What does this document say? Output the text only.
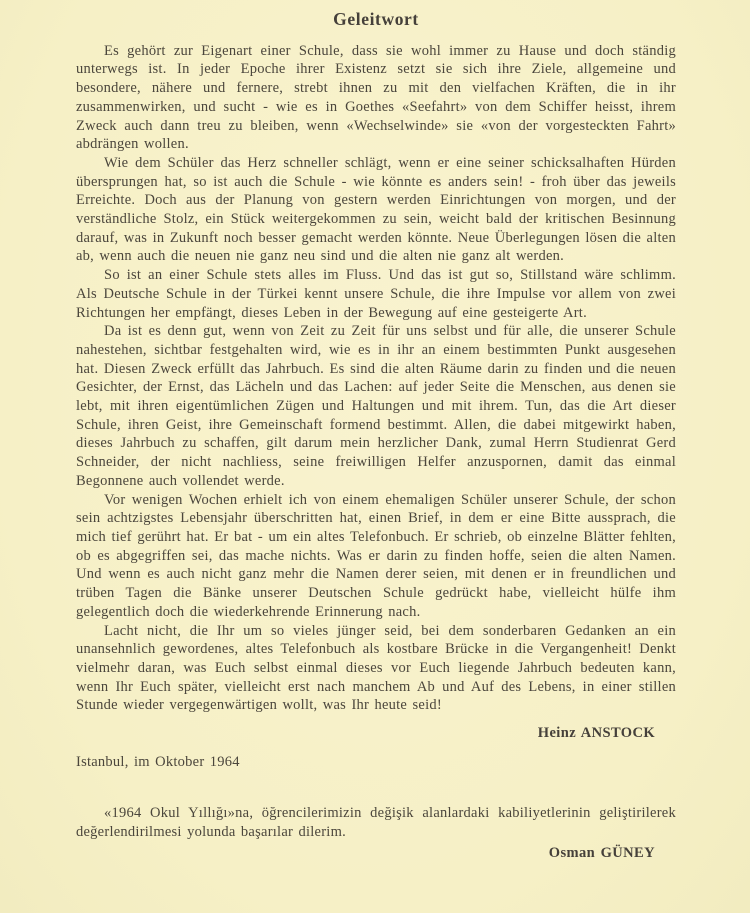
Geleitwort

Es gehört zur Eigenart einer Schule, dass sie wohl immer zu Hause und doch ständig unterwegs ist. In jeder Epoche ihrer Existenz setzt sie sich ihre Ziele, allgemeine und besondere, nähere und fernere, strebt ihnen zu mit den vielfachen Kräften, die in ihr zusammenwirken, und sucht - wie es in Goethes «Seefahrt» von dem Schiffer heisst, ihrem Zweck auch dann treu zu bleiben, wenn «Wechselwinde» sie «von der vorgesteckten Fahrt» abdrängen wollen.

Wie dem Schüler das Herz schneller schlägt, wenn er eine seiner schicksalhaften Hürden übersprungen hat, so ist auch die Schule - wie könnte es anders sein! - froh über das jeweils Erreichte. Doch aus der Planung von gestern werden Einrichtungen von morgen, und der verständliche Stolz, ein Stück weitergekommen zu sein, weicht bald der kritischen Besinnung darauf, was in Zukunft noch besser gemacht werden könnte. Neue Überlegungen lösen die alten ab, wenn auch die neuen nie ganz neu sind und die alten nie ganz alt werden.

So ist an einer Schule stets alles im Fluss. Und das ist gut so, Stillstand wäre schlimm. Als Deutsche Schule in der Türkei kennt unsere Schule, die ihre Impulse vor allem von zwei Richtungen her empfängt, dieses Leben in der Bewegung auf eine gesteigerte Art.

Da ist es denn gut, wenn von Zeit zu Zeit für uns selbst und für alle, die unserer Schule nahestehen, sichtbar festgehalten wird, wie es in ihr an einem bestimmten Punkt ausgesehen hat. Diesen Zweck erfüllt das Jahrbuch. Es sind die alten Räume darin zu finden und die neuen Gesichter, der Ernst, das Lächeln und das Lachen: auf jeder Seite die Menschen, aus denen sie lebt, mit ihren eigentümlichen Zügen und Haltungen und mit ihrem. Tun, das die Art dieser Schule, ihren Geist, ihre Gemeinschaft formend bestimmt. Allen, die dabei mitgewirkt haben, dieses Jahrbuch zu schaffen, gilt darum mein herzlicher Dank, zumal Herrn Studienrat Gerd Schneider, der nicht nachliess, seine freiwilligen Helfer anzuspornen, damit das einmal Begonnene auch vollendet werde.

Vor wenigen Wochen erhielt ich von einem ehemaligen Schüler unserer Schule, der schon sein achtzigstes Lebensjahr überschritten hat, einen Brief, in dem er eine Bitte aussprach, die mich tief gerührt hat. Er bat - um ein altes Telefonbuch. Er schrieb, ob einzelne Blätter fehlten, ob es abgegriffen sei, das mache nichts. Was er darin zu finden hoffe, seien die alten Namen. Und wenn es auch nicht ganz mehr die Namen derer seien, mit denen er in freundlichen und trüben Tagen die Bänke unserer Deutschen Schule gedrückt habe, vielleicht hülfe ihm gelegentlich doch die wiederkehrende Erinnerung nach.

Lacht nicht, die Ihr um so vieles jünger seid, bei dem sonderbaren Gedanken an ein unansehnlich gewordenes, altes Telefonbuch als kostbare Brücke in die Vergangenheit! Denkt vielmehr daran, was Euch selbst einmal dieses vor Euch liegende Jahrbuch bedeuten kann, wenn Ihr Euch später, vielleicht erst nach manchem Ab und Auf des Lebens, in einer stillen Stunde wieder vergegenwärtigen wollt, was Ihr heute seid!

Heinz ANSTOCK

Istanbul, im Oktober 1964

«1964 Okul Yıllığı»na, öğrencilerimizin değişik alanlardaki kabiliyetlerinin geliştirilerek değerlendirilmesi yolunda başarılar dilerim.

Osman GÜNEY
